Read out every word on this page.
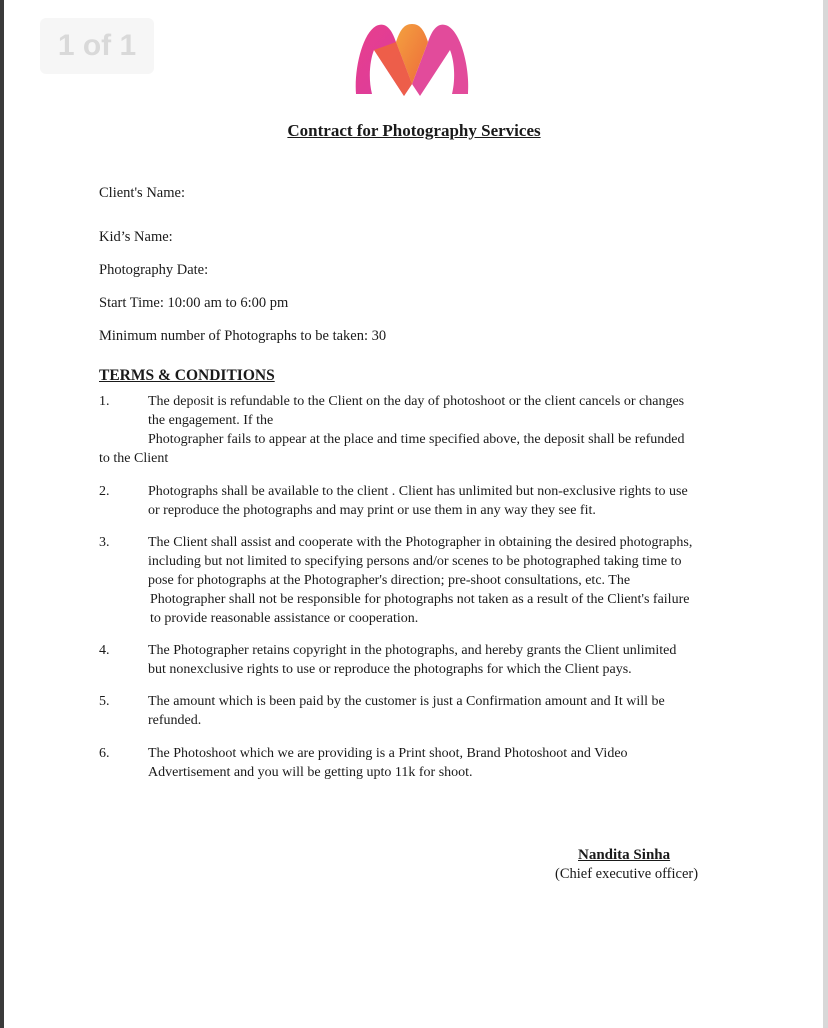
1 of 1
Contract for Photography Services
Client's Name:
Kid’s Name:
Photography Date:
Start Time: 10:00 am to 6:00 pm
Minimum number of Photographs to be taken: 30
TERMS & CONDITIONS
1.	The deposit is refundable to the Client on the day of photoshoot or the client cancels or changes
the engagement. If the
Photographer fails to appear at the place and time specified above, the deposit shall be refunded
to the Client
2.	Photographs shall be available to the client . Client has unlimited but non-exclusive rights to use
or reproduce the photographs and may print or use them in any way they see fit.
3.	The Client shall assist and cooperate with the Photographer in obtaining the desired photographs,
including but not limited to specifying persons and/or scenes to be photographed taking time to
pose for photographs at the Photographer's direction; pre-shoot consultations, etc. The
Photographer shall not be responsible for photographs not taken as a result of the Client's failure
to provide reasonable assistance or cooperation.
4.	The Photographer retains copyright in the photographs, and hereby grants the Client unlimited
but nonexclusive rights to use or reproduce the photographs for which the Client pays.
5.	The amount which is been paid by the customer is just a Confirmation amount and It will be
refunded.
6.	The Photoshoot which we are providing is a Print shoot, Brand Photoshoot and Video
Advertisement and you will be getting upto 11k for shoot.
Nandita Sinha
(Chief executive officer)
